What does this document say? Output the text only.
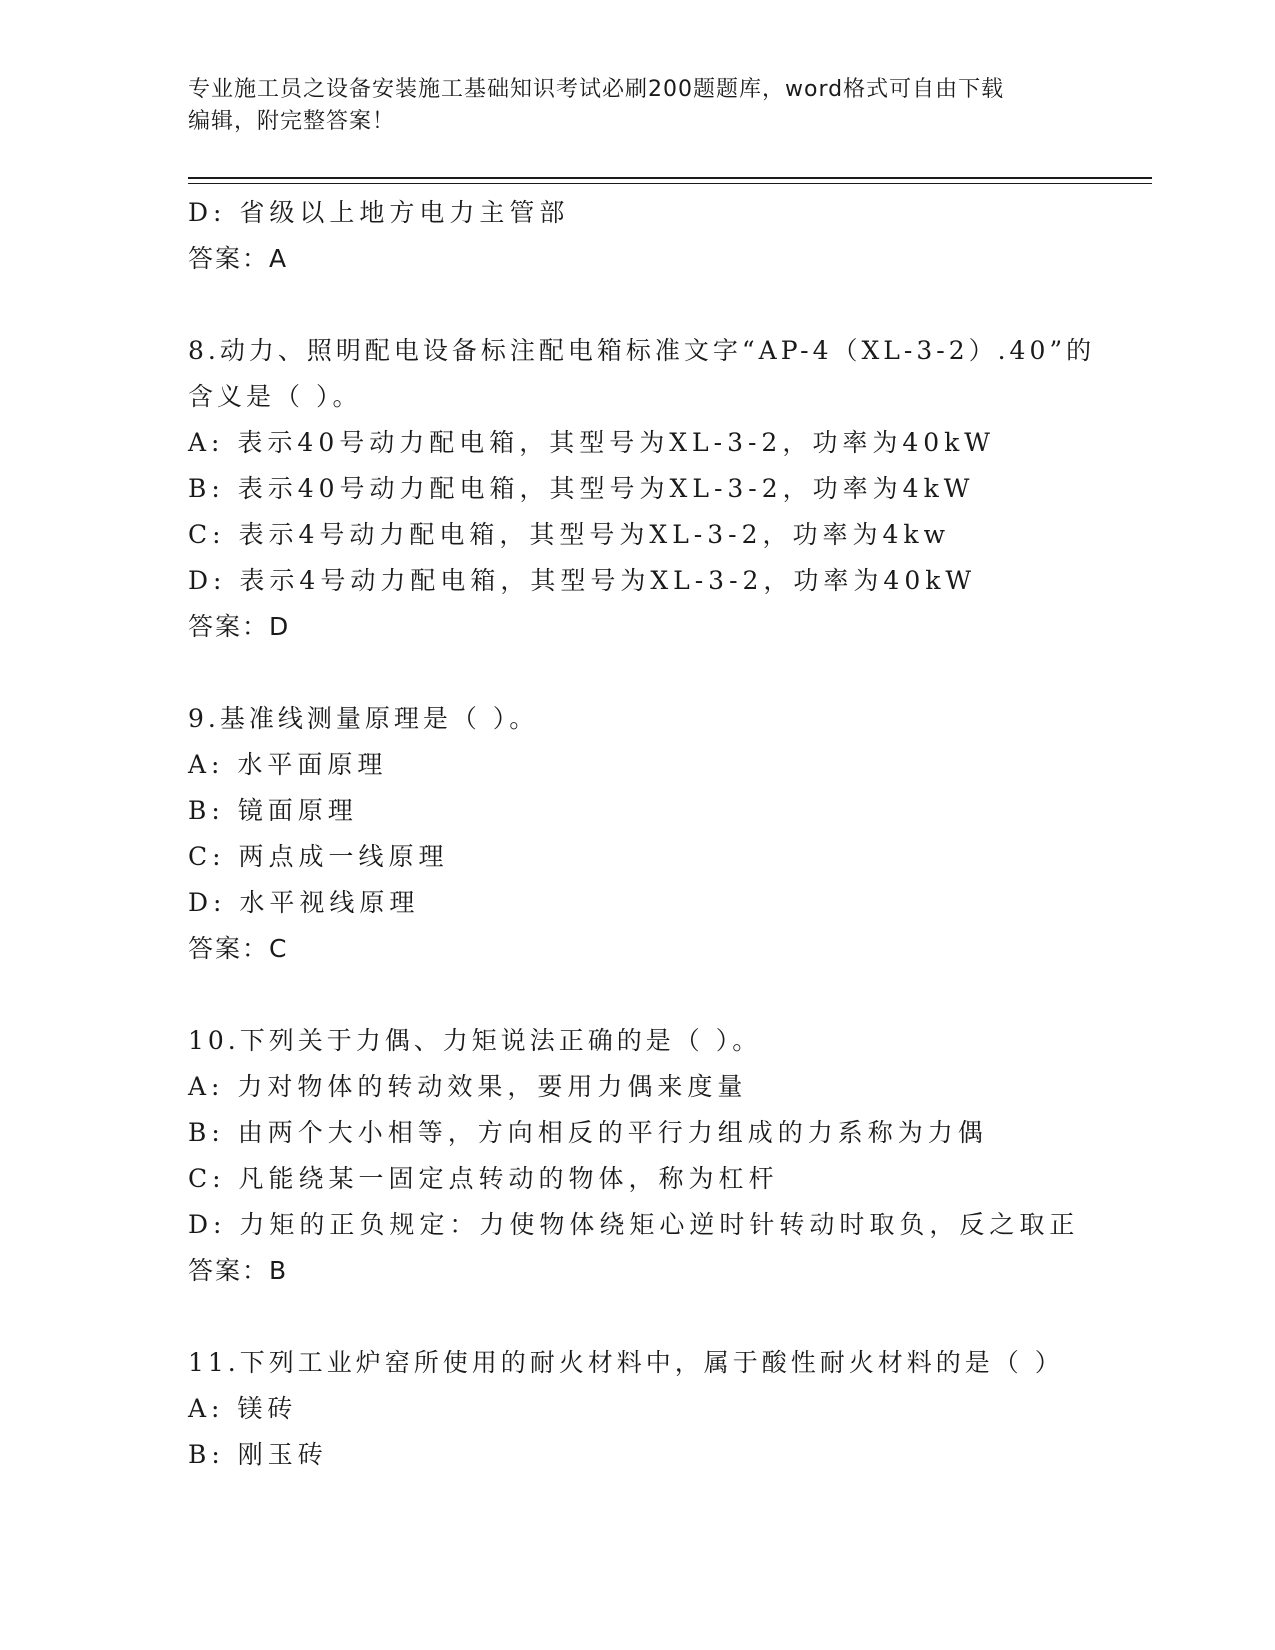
专业施工员之设备安装施工基础知识考试必刷200题题库，word格式可自由下载
编辑，附完整答案！
D: 省级以上地方电力主管部
答案：A
8.动力、照明配电设备标注配电箱标准文字“AP-4（XL-3-2）.40”的
含义是（ ）。
A: 表示40号动力配电箱，其型号为XL-3-2，功率为40kW
B: 表示40号动力配电箱，其型号为XL-3-2，功率为4kW
C: 表示4号动力配电箱，其型号为XL-3-2，功率为4kw
D: 表示4号动力配电箱，其型号为XL-3-2，功率为40kW
答案：D
9.基准线测量原理是（ ）。
A: 水平面原理
B: 镜面原理
C: 两点成一线原理
D: 水平视线原理
答案：C
10.下列关于力偶、力矩说法正确的是（ ）。
A: 力对物体的转动效果，要用力偶来度量
B: 由两个大小相等，方向相反的平行力组成的力系称为力偶
C: 凡能绕某一固定点转动的物体，称为杠杆
D: 力矩的正负规定：力使物体绕矩心逆时针转动时取负，反之取正
答案：B
11.下列工业炉窑所使用的耐火材料中，属于酸性耐火材料的是（ ）
A: 镁砖
B: 刚玉砖
